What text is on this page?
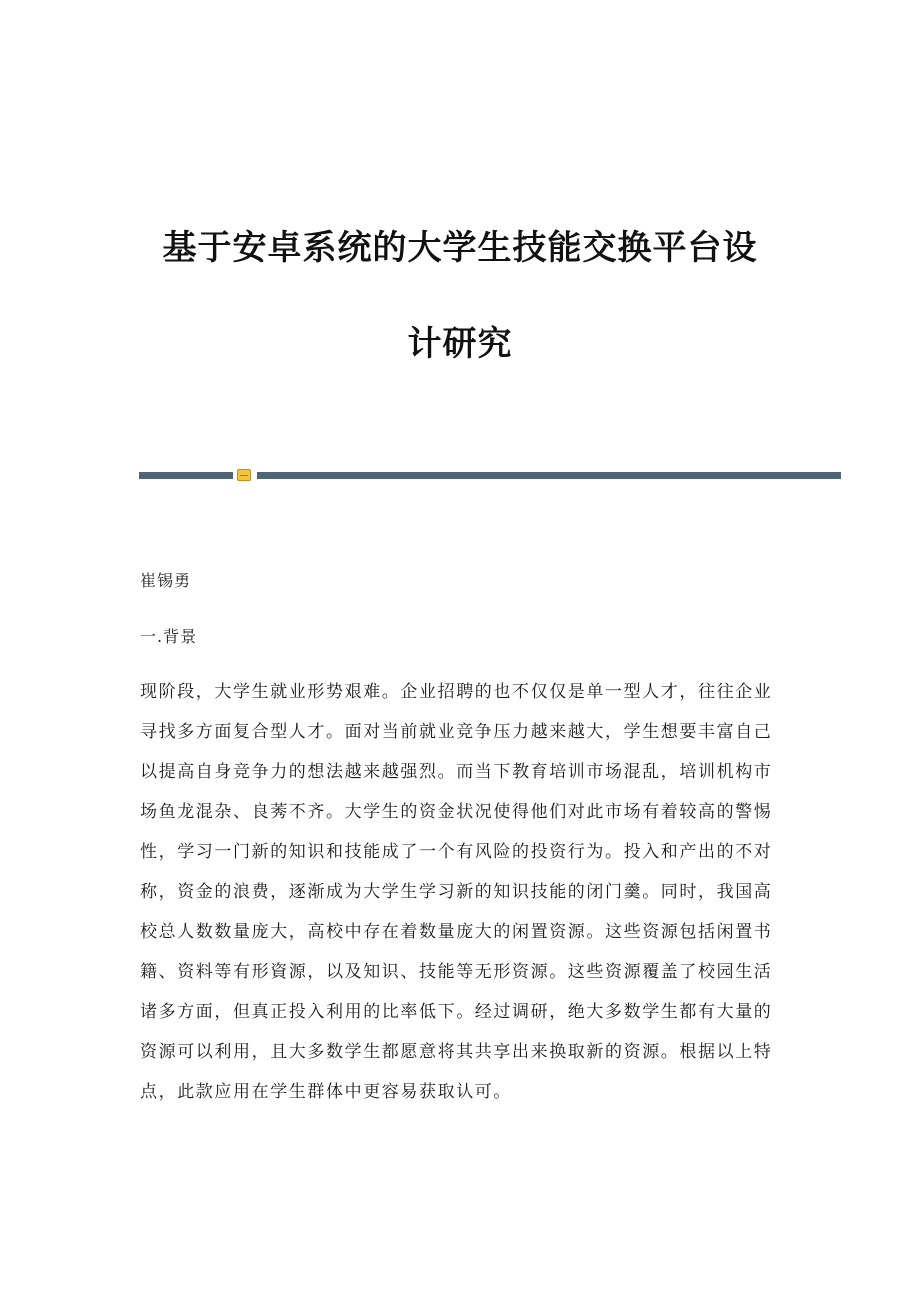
基于安卓系统的大学生技能交换平台设
计研究
崔锡勇
一.背景
现阶段，大学生就业形势艰难。企业招聘的也不仅仅是单一型人才，往往企业
寻找多方面复合型人才。面对当前就业竞争压力越来越大，学生想要丰富自己
以提高自身竞争力的想法越来越强烈。而当下教育培训市场混乱，培训机构市
场鱼龙混杂、良莠不齐。大学生的资金状况使得他们对此市场有着较高的警惕
性，学习一门新的知识和技能成了一个有风险的投资行为。投入和产出的不对
称，资金的浪费，逐渐成为大学生学习新的知识技能的闭门羹。同时，我国高
校总人数数量庞大，高校中存在着数量庞大的闲置资源。这些资源包括闲置书
籍、资料等有形資源，以及知识、技能等无形资源。这些资源覆盖了校园生活
诸多方面，但真正投入利用的比率低下。经过调研，绝大多数学生都有大量的
资源可以利用，且大多数学生都愿意将其共享出来换取新的资源。根据以上特
点，此款应用在学生群体中更容易获取认可。
